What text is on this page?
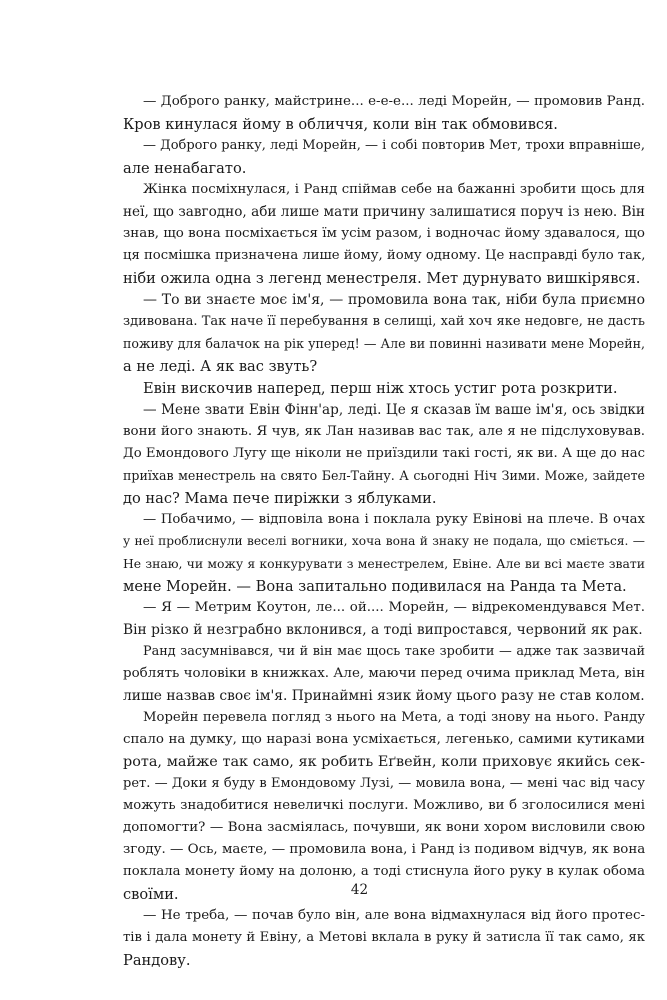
— Доброго ранку, майстрине... е-е-е... леді Морейн, — промовив Ранд.
Кров кинулася йому в обличчя, коли він так обмовився.
— Доброго ранку, леді Морейн, — і собі повторив Мет, трохи вправніше,
але ненабагато.
Жінка посміхнулася, і Ранд спіймав себе на бажанні зробити щось для
неї, що завгодно, аби лише мати причину залишатися поруч із нею. Він
знав, що вона посміхається їм усім разом, і водночас йому здавалося, що
ця посмішка призначена лише йому, йому одному. Це насправді було так,
ніби ожила одна з легенд менестреля. Мет дурнувато вишкірявся.
— То ви знаєте моє ім'я, — промовила вона так, ніби була приємно
здивована. Так наче її перебування в селищі, хай хоч яке недовге, не дасть
поживу для балачок на рік уперед! — Але ви повинні називати мене Морейн,
а не леді. А як вас звуть?
Евін вискочив наперед, перш ніж хтось устиг рота розкрити.
— Мене звати Евін Фінн'ар, леді. Це я сказав їм ваше ім'я, ось звідки
вони його знають. Я чув, як Лан називав вас так, але я не підслуховував.
До Емондового Лугу ще ніколи не приїздили такі гості, як ви. А ще до нас
приїхав менестрель на свято Бел-Тайну. А сьогодні Ніч Зими. Може, зайдете
до нас? Мама пече пиріжки з яблуками.
— Побачимо, — відповіла вона і поклала руку Евінові на плече. В очах
у неї проблиснули веселі вогники, хоча вона й знаку не подала, що сміється. —
Не знаю, чи можу я конкурувати з менестрелем, Евіне. Але ви всі маєте звати
мене Морейн. — Вона запитально подивилася на Ранда та Мета.
— Я — Метрим Коутон, ле... ой.... Морейн, — відрекомендувався Мет.
Він різко й незграбно вклонився, а тоді випростався, червоний як рак.
Ранд засумнівався, чи й він має щось таке зробити — адже так зазвичай
роблять чоловіки в книжках. Але, маючи перед очима приклад Мета, він
лише назвав своє ім'я. Принаймні язик йому цього разу не став колом.
Морейн перевела погляд з нього на Мета, а тоді знову на нього. Ранду
спало на думку, що наразі вона усміхається, легенько, самими кутиками
рота, майже так само, як робить Еґвейн, коли приховує якийсь сек-
рет. — Доки я буду в Емондовому Лузі, — мовила вона, — мені час від часу
можуть знадобитися невеличкі послуги. Можливо, ви б зголосилися мені
допомогти? — Вона засміялась, почувши, як вони хором висловили свою
згоду. — Ось, маєте, — промовила вона, і Ранд із подивом відчув, як вона
поклала монету йому на долоню, а тоді стиснула його руку в кулак обома
своїми.
— Не треба, — почав було він, але вона відмахнулася від його протес-
тів і дала монету й Евіну, а Метові вклала в руку й затисла її так само, як
Рандову.
42
